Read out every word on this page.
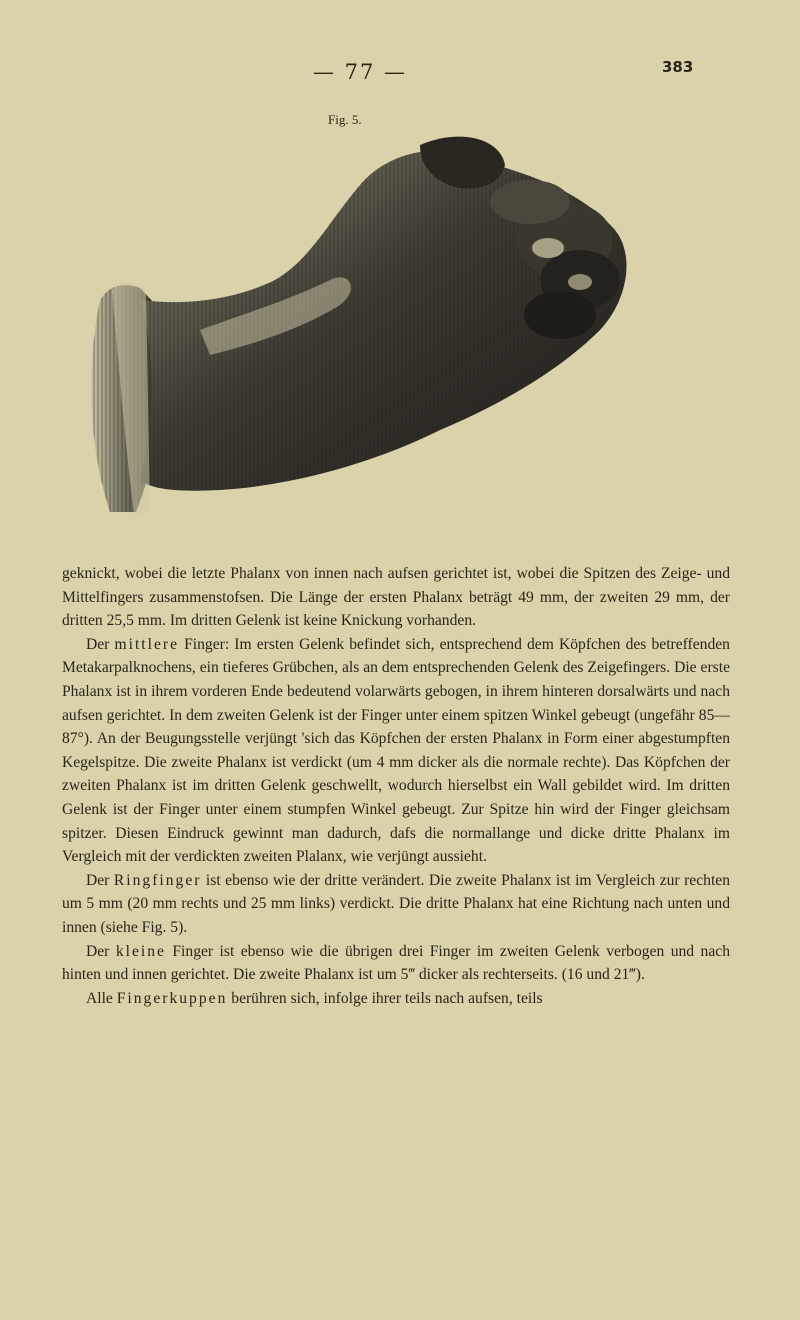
— 77 —	383
Fig. 5.

geknickt, wobei die letzte Phalanx von innen nach aufsen gerichtet ist, wobei die Spitzen des Zeige- und Mittelfingers zusammenstofsen. Die Länge der ersten Phalanx beträgt 49 mm, der zweiten 29 mm, der dritten 25,5 mm. Im dritten Gelenk ist keine Knickung vorhanden.

Der mittlere Finger: Im ersten Gelenk befindet sich, entsprechend dem Köpfchen des betreffenden Metakarpalknochens, ein tieferes Grübchen, als an dem entsprechenden Gelenk des Zeigefingers. Die erste Phalanx ist in ihrem vorderen Ende bedeutend volarwärts gebogen, in ihrem hinteren dorsalwärts und nach aufsen gerichtet. In dem zweiten Gelenk ist der Finger unter einem spitzen Winkel gebeugt (ungefähr 85—87°). An der Beugungsstelle verjüngt 'sich das Köpfchen der ersten Phalanx in Form einer abgestumpften Kegelspitze. Die zweite Phalanx ist verdickt (um 4 mm dicker als die normale rechte). Das Köpfchen der zweiten Phalanx ist im dritten Gelenk geschwellt, wodurch hierselbst ein Wall gebildet wird. Im dritten Gelenk ist der Finger unter einem stumpfen Winkel gebeugt. Zur Spitze hin wird der Finger gleichsam spitzer. Diesen Eindruck gewinnt man dadurch, dafs die normallange und dicke dritte Phalanx im Vergleich mit der verdickten zweiten Plalanx, wie verjüngt aussieht.

Der Ringfinger ist ebenso wie der dritte verändert. Die zweite Phalanx ist im Vergleich zur rechten um 5 mm (20 mm rechts und 25 mm links) verdickt. Die dritte Phalanx hat eine Richtung nach unten und innen (siehe Fig. 5).

Der kleine Finger ist ebenso wie die übrigen drei Finger im zweiten Gelenk verbogen und nach hinten und innen gerichtet. Die zweite Phalanx ist um 5‴ dicker als rechterseits. (16 und 21‴).

Alle Fingerkuppen berühren sich, infolge ihrer teils nach aufsen, teils
